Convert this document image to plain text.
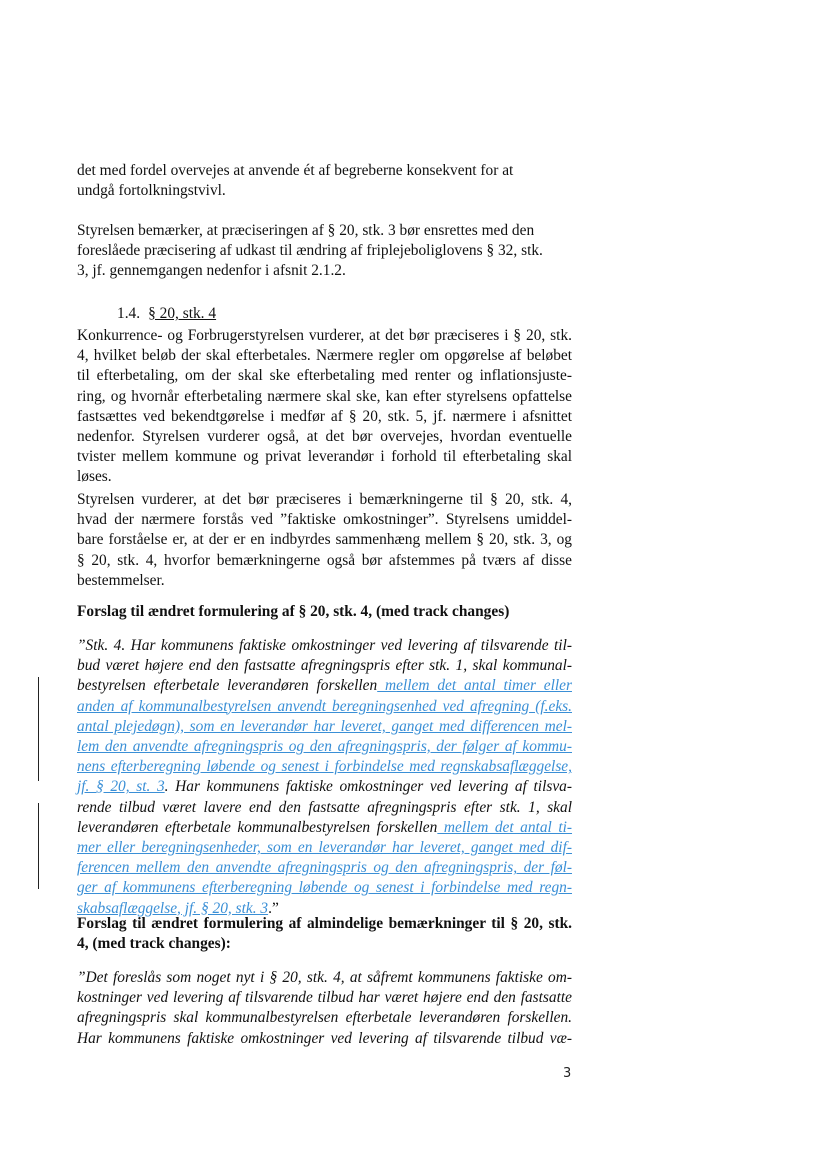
det med fordel overvejes at anvende ét af begreberne konsekvent for at
undgå fortolkningstvivl.
Styrelsen bemærker, at præciseringen af § 20, stk. 3 bør ensrettes med den
foreslåede præcisering af udkast til ændring af friplejeboliglovens § 32, stk.
3, jf. gennemgangen nedenfor i afsnit 2.1.2.
1.4. § 20, stk. 4
Konkurrence- og Forbrugerstyrelsen vurderer, at det bør præciseres i § 20, stk.
4, hvilket beløb der skal efterbetales. Nærmere regler om opgørelse af beløbet
til efterbetaling, om der skal ske efterbetaling med renter og inflationsjuste-
ring, og hvornår efterbetaling nærmere skal ske, kan efter styrelsens opfattelse
fastsættes ved bekendtgørelse i medfør af § 20, stk. 5, jf. nærmere i afsnittet
nedenfor. Styrelsen vurderer også, at det bør overvejes, hvordan eventuelle
tvister mellem kommune og privat leverandør i forhold til efterbetaling skal
løses.
Styrelsen vurderer, at det bør præciseres i bemærkningerne til § 20, stk. 4,
hvad der nærmere forstås ved ”faktiske omkostninger”. Styrelsens umiddel-
bare forståelse er, at der er en indbyrdes sammenhæng mellem § 20, stk. 3, og
§ 20, stk. 4, hvorfor bemærkningerne også bør afstemmes på tværs af disse
bestemmelser.
Forslag til ændret formulering af § 20, stk. 4, (med track changes)
”Stk. 4. Har kommunens faktiske omkostninger ved levering af tilsvarende til-
bud været højere end den fastsatte afregningspris efter stk. 1, skal kommunal-
bestyrelsen efterbetale leverandøren forskellen mellem det antal timer eller
anden af kommunalbestyrelsen anvendt beregningsenhed ved afregning (f.eks.
antal plejedøgn), som en leverandør har leveret, ganget med differencen mel-
lem den anvendte afregningspris og den afregningspris, der følger af kommu-
nens efterberegning løbende og senest i forbindelse med regnskabsaflæggelse,
jf. § 20, st. 3. Har kommunens faktiske omkostninger ved levering af tilsva-
rende tilbud været lavere end den fastsatte afregningspris efter stk. 1, skal
leverandøren efterbetale kommunalbestyrelsen forskellen mellem det antal ti-
mer eller beregningsenheder, som en leverandør har leveret, ganget med dif-
ferencen mellem den anvendte afregningspris og den afregningspris, der føl-
ger af kommunens efterberegning løbende og senest i forbindelse med regn-
skabsaflæggelse, jf. § 20, stk. 3.”
Forslag til ændret formulering af almindelige bemærkninger til § 20, stk.
4, (med track changes):
”Det foreslås som noget nyt i § 20, stk. 4, at såfremt kommunens faktiske om-
kostninger ved levering af tilsvarende tilbud har været højere end den fastsatte
afregningspris skal kommunalbestyrelsen efterbetale leverandøren forskellen.
Har kommunens faktiske omkostninger ved levering af tilsvarende tilbud væ-
3
